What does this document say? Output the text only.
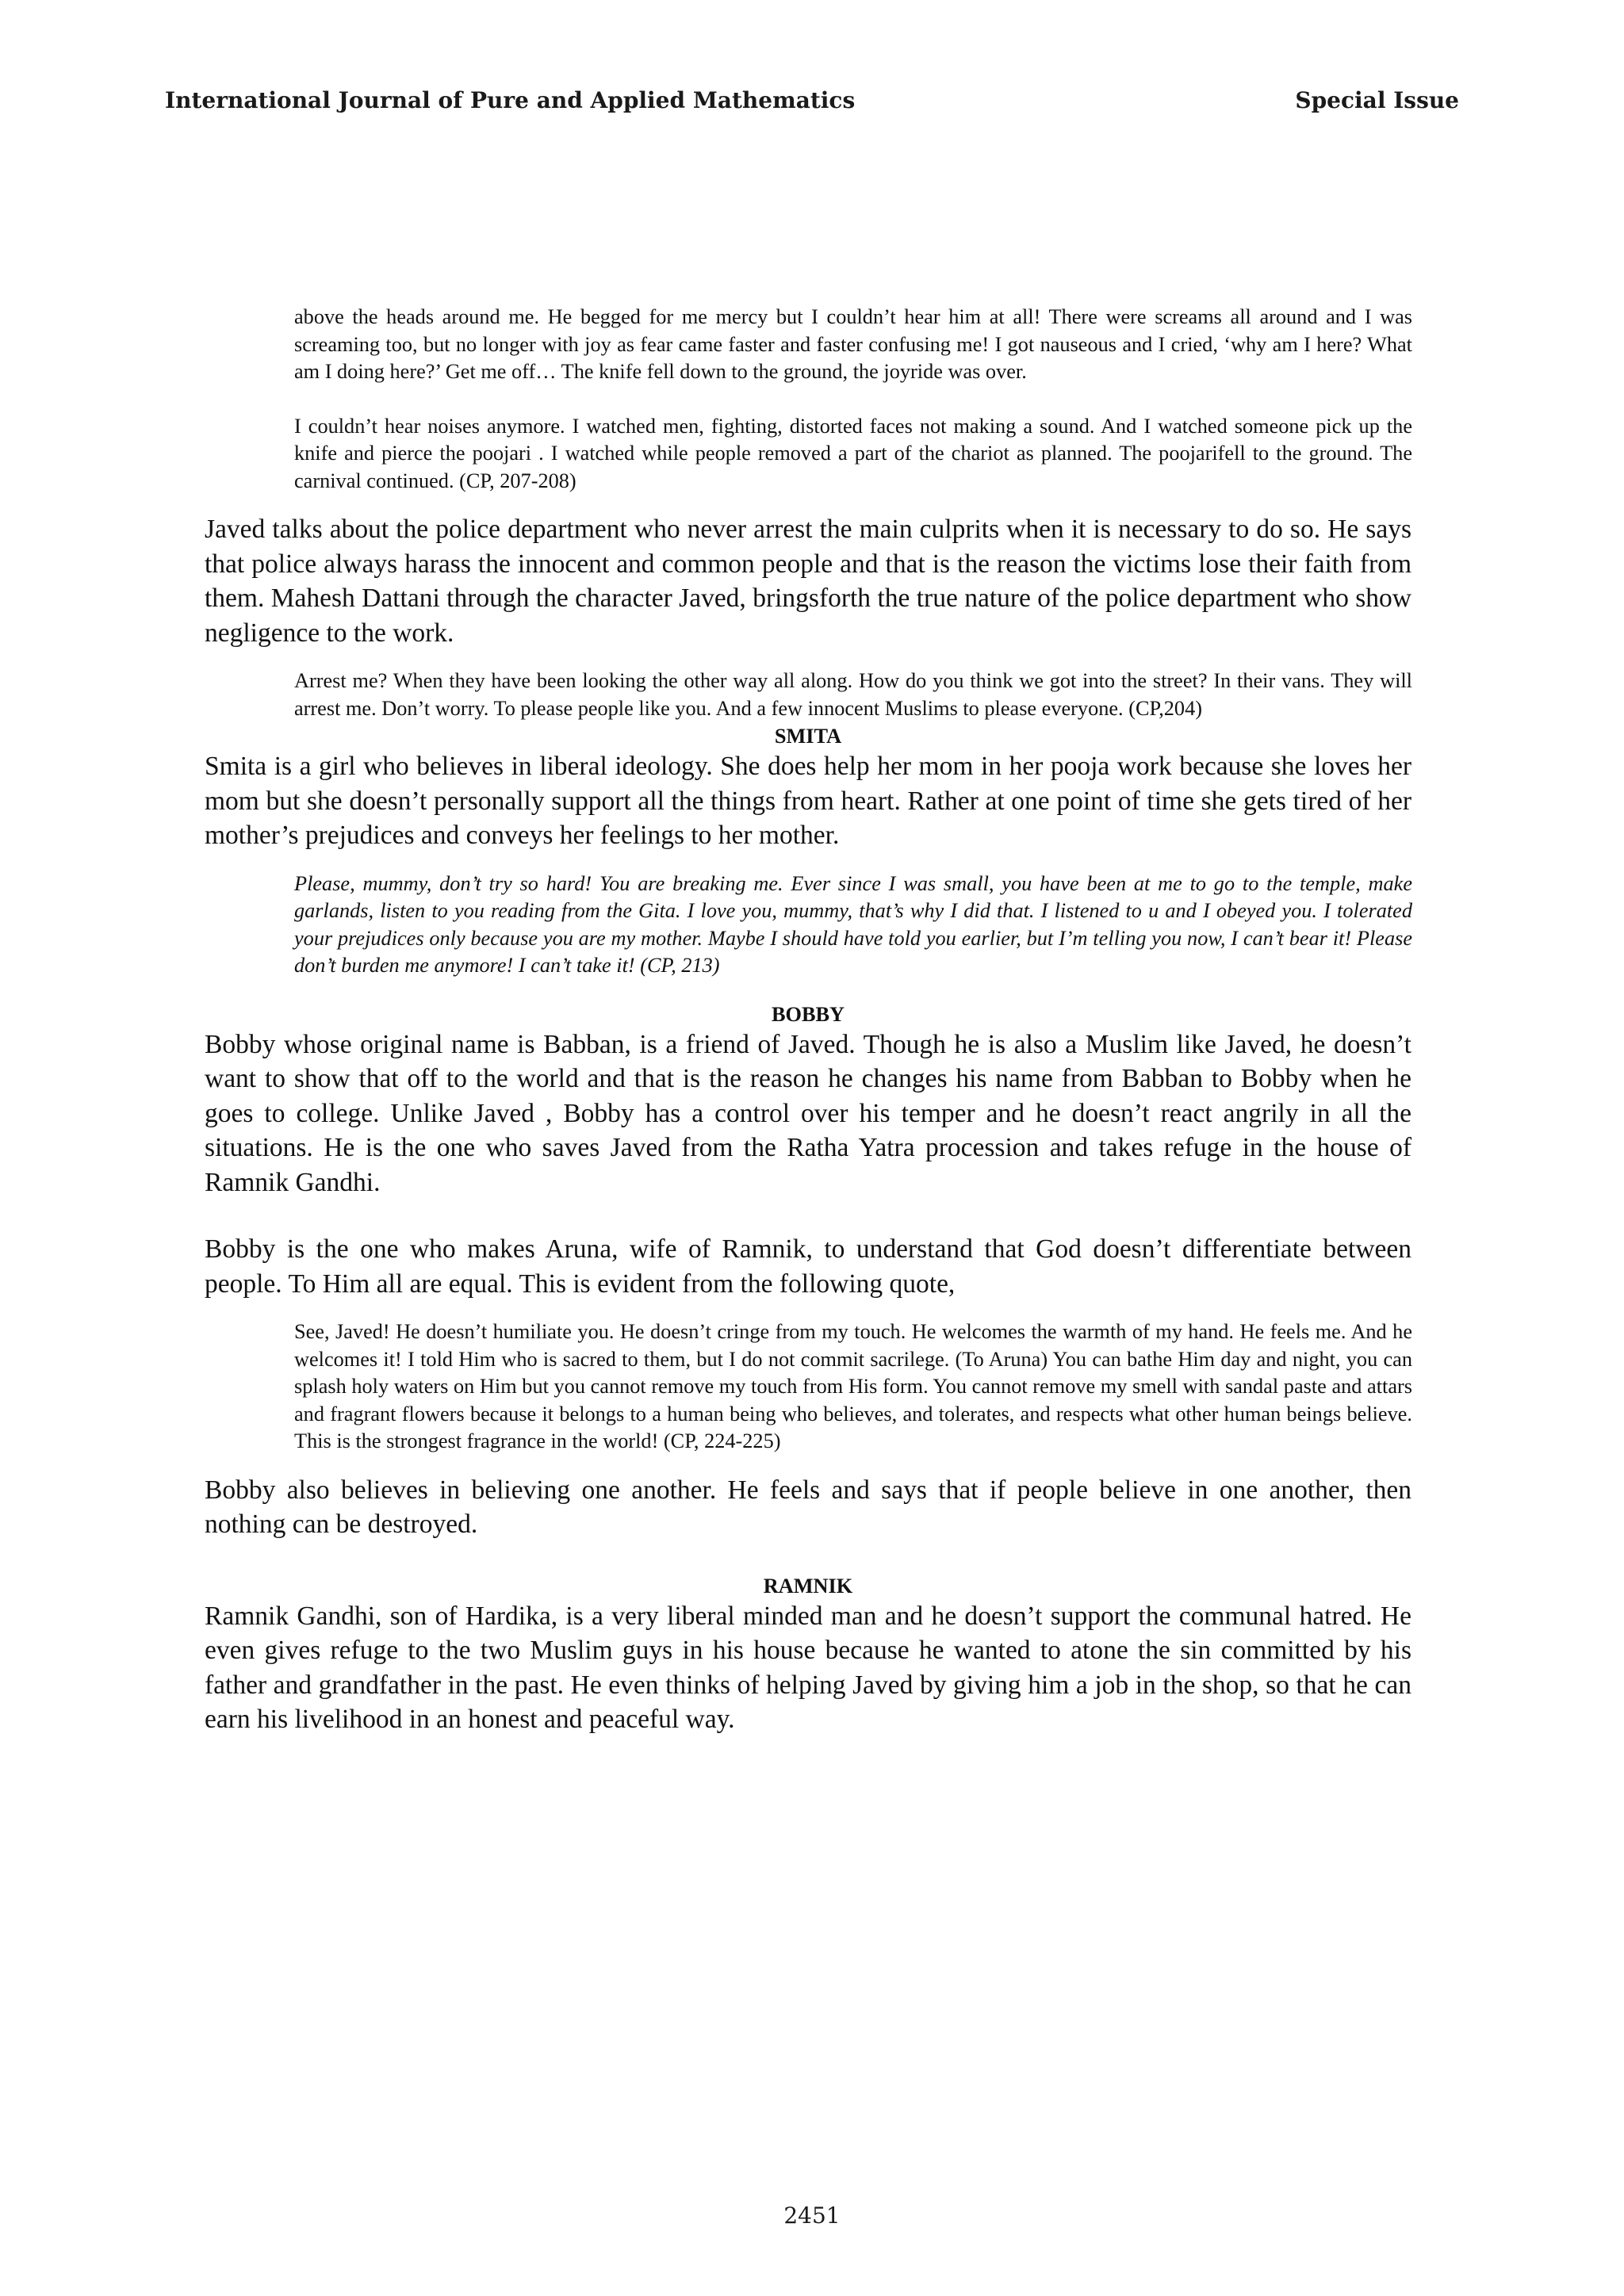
International Journal of Pure and Applied Mathematics	Special Issue

above the heads around me. He begged for me mercy but I couldn’t hear him at all! There were screams all around and I was screaming too, but no longer with joy as fear came faster and faster confusing me! I got nauseous and I cried, ‘why am I here? What am I doing here?’ Get me off… The knife fell down to the ground, the joyride was over.

I couldn’t hear noises anymore. I watched men, fighting, distorted faces not making a sound. And I watched someone pick up the knife and pierce the poojari . I watched while people removed a part of the chariot as planned. The poojarifell to the ground. The carnival continued. (CP, 207-208)

Javed talks about the police department who never arrest the main culprits when it is necessary to do so. He says that police always harass the innocent and common people and that is the reason the victims lose their faith from them. Mahesh Dattani through the character Javed, bringsforth the true nature of the police department who show negligence to the work.

Arrest me? When they have been looking the other way all along. How do you think we got into the street? In their vans. They will arrest me. Don’t worry. To please people like you. And a few innocent Muslims to please everyone. (CP,204)

SMITA

Smita is a girl who believes in liberal ideology. She does help her mom in her pooja work because she loves her mom but she doesn’t personally support all the things from heart. Rather at one point of time she gets tired of her mother’s prejudices and conveys her feelings to her mother.

Please, mummy, don’t try so hard! You are breaking me. Ever since I was small, you have been at me to go to the temple, make garlands, listen to you reading from the Gita. I love you, mummy, that’s why I did that. I listened to u and I obeyed you. I tolerated your prejudices only because you are my mother. Maybe I should have told you earlier, but I’m telling you now, I can’t bear it! Please don’t burden me anymore! I can’t take it! (CP, 213)

BOBBY

Bobby whose original name is Babban, is a friend of Javed. Though he is also a Muslim like Javed, he doesn’t want to show that off to the world and that is the reason he changes his name from Babban to Bobby when he goes to college. Unlike Javed , Bobby has a control over his temper and he doesn’t react angrily in all the situations. He is the one who saves Javed from the Ratha Yatra procession and takes refuge in the house of Ramnik Gandhi.

Bobby is the one who makes Aruna, wife of Ramnik, to understand that God doesn’t differentiate between people. To Him all are equal. This is evident from the following quote,

See, Javed! He doesn’t humiliate you. He doesn’t cringe from my touch. He welcomes the warmth of my hand. He feels me. And he welcomes it! I told Him who is sacred to them, but I do not commit sacrilege. (To Aruna) You can bathe Him day and night, you can splash holy waters on Him but you cannot remove my touch from His form. You cannot remove my smell with sandal paste and attars and fragrant flowers because it belongs to a human being who believes, and tolerates, and respects what other human beings believe. This is the strongest fragrance in the world! (CP, 224-225)

Bobby also believes in believing one another. He feels and says that if people believe in one another, then nothing can be destroyed.

RAMNIK

Ramnik Gandhi, son of Hardika, is a very liberal minded man and he doesn’t support the communal hatred. He even gives refuge to the two Muslim guys in his house because he wanted to atone the sin committed by his father and grandfather in the past. He even thinks of helping Javed by giving him a job in the shop, so that he can earn his livelihood in an honest and peaceful way.

2451
